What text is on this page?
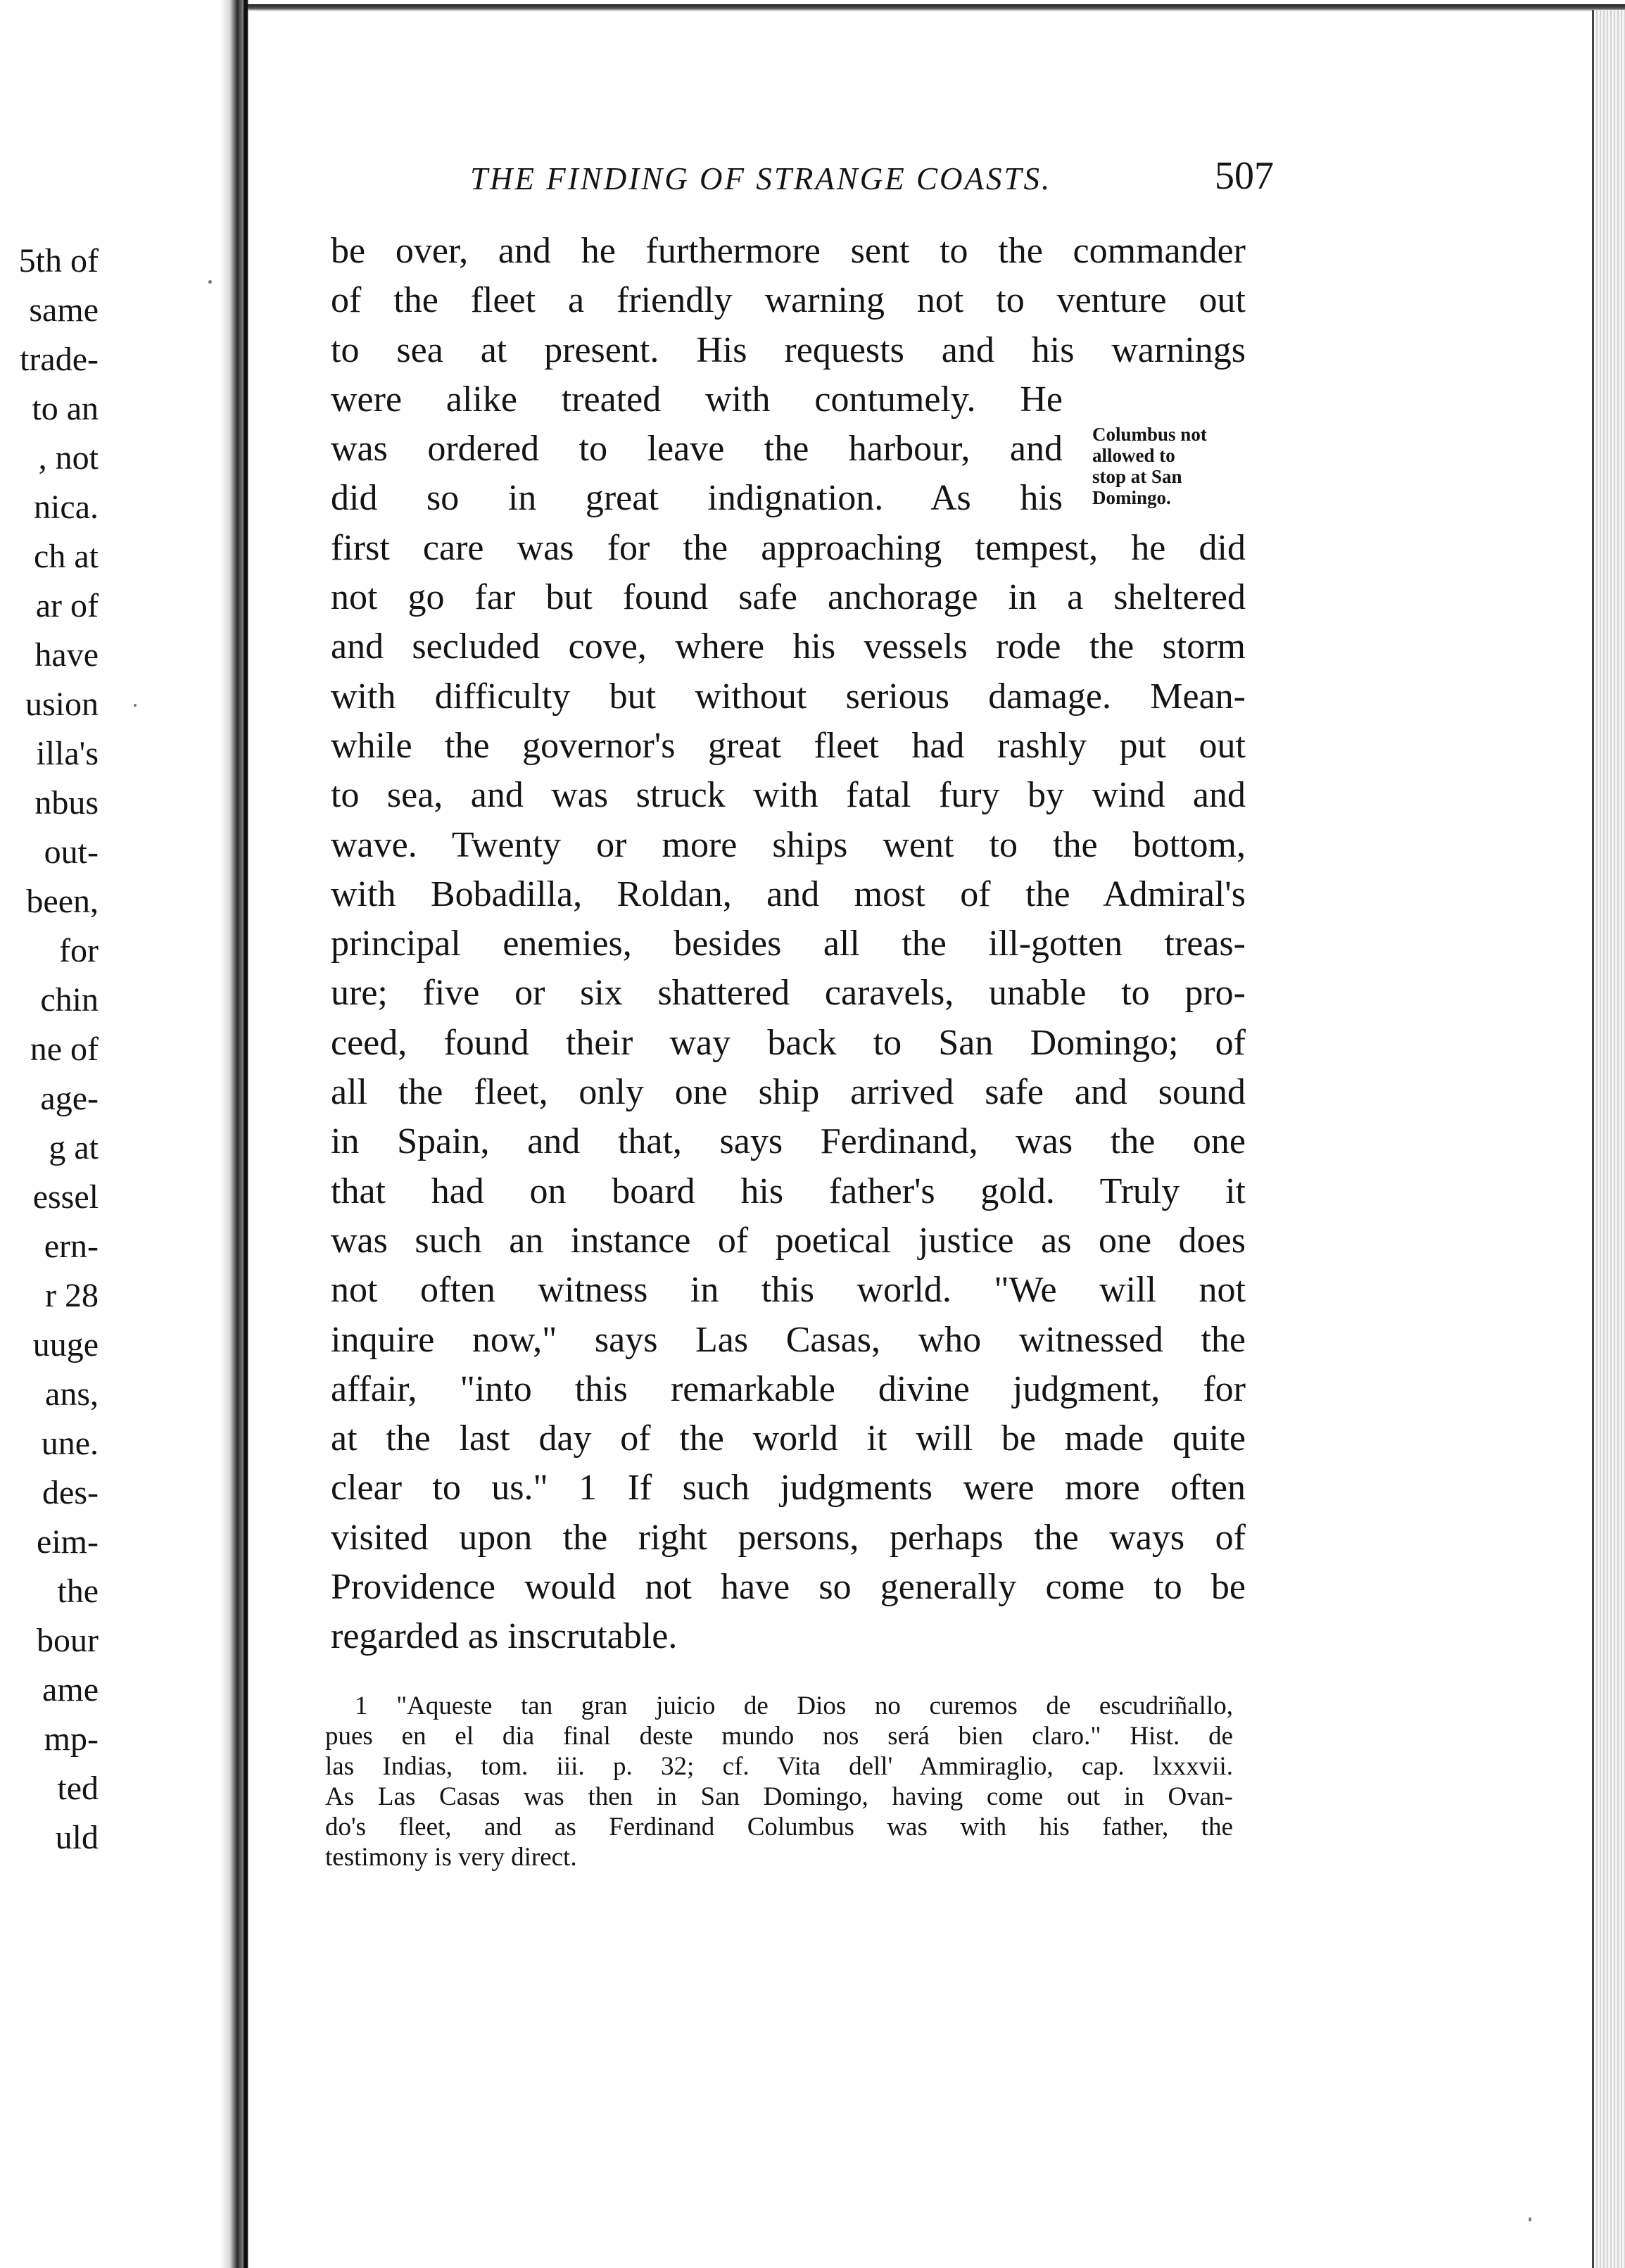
5th of
same
trade-
to an
, not
nica.
ch at
ar of
have
usion
illa's
nbus
out-
been,
for
chin
ne of
age-
g at
essel
ern-
r 28
uuge
ans,
une.
des-
eim-
the
bour
ame
mp-
ted
uld
THE FINDING OF STRANGE COASTS.	507
be over, and he furthermore sent to the commander
of the fleet a friendly warning not to venture out
to sea at present. His requests and his warnings
were alike treated with contumely. He
was ordered to leave the harbour, and
did so in great indignation. As his
first care was for the approaching tempest, he did
not go far but found safe anchorage in a sheltered
and secluded cove, where his vessels rode the storm
with difficulty but without serious damage. Mean-
while the governor's great fleet had rashly put out
to sea, and was struck with fatal fury by wind and
wave. Twenty or more ships went to the bottom,
with Bobadilla, Roldan, and most of the Admiral's
principal enemies, besides all the ill-gotten treas-
ure; five or six shattered caravels, unable to pro-
ceed, found their way back to San Domingo; of
all the fleet, only one ship arrived safe and sound
in Spain, and that, says Ferdinand, was the one
that had on board his father's gold. Truly it
was such an instance of poetical justice as one does
not often witness in this world. "We will not
inquire now," says Las Casas, who witnessed the
affair, "into this remarkable divine judgment, for
at the last day of the world it will be made quite
clear to us." 1 If such judgments were more often
visited upon the right persons, perhaps the ways of
Providence would not have so generally come to be
regarded as inscrutable.
Columbus not
allowed to
stop at San
Domingo.
1 "Aqueste tan gran juicio de Dios no curemos de escudriñallo,
pues en el dia final deste mundo nos será bien claro." Hist. de
las Indias, tom. iii. p. 32; cf. Vita dell' Ammiraglio, cap. lxxxvii.
As Las Casas was then in San Domingo, having come out in Ovan-
do's fleet, and as Ferdinand Columbus was with his father, the
testimony is very direct.
